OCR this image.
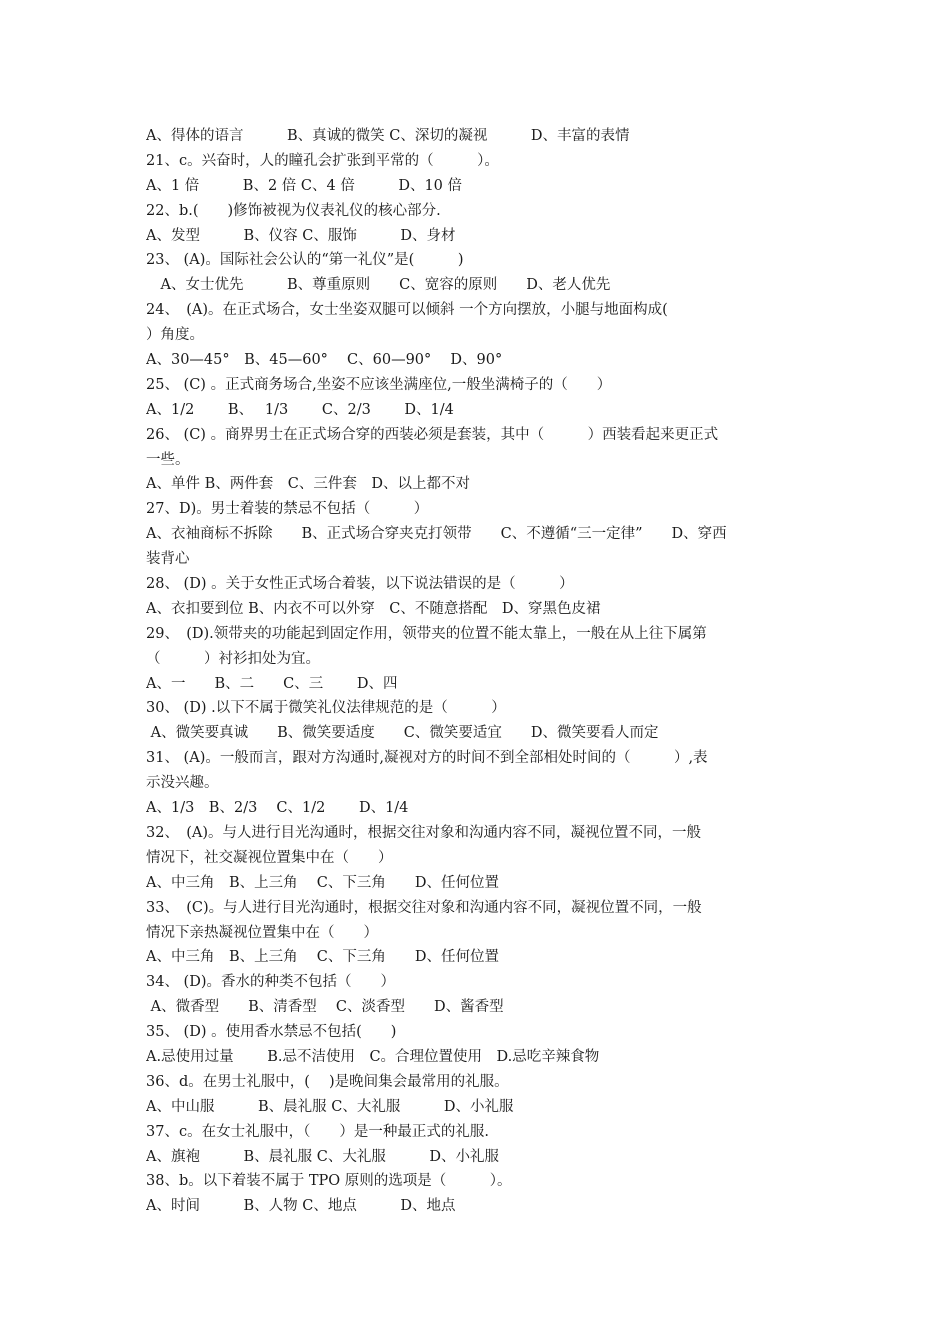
A、得体的语言　　　B、真诚的微笑 C、深切的凝视　　　D、丰富的表情
21、c。兴奋时，人的瞳孔会扩张到平常的（　　　）。
A、1 倍　　　B、2 倍 C、4 倍　　　D、10 倍
22、b.(　　)修饰被视为仪表礼仪的核心部分.
A、发型　　　B、仪容 C、服饰　　　D、身材
23、 (A)。国际社会公认的“第一礼仪”是(　　　)
　A、女士优先　　　B、尊重原则　　C、宽容的原则　　D、老人优先
24、　(A)。在正式场合，女士坐姿双腿可以倾斜 一个方向摆放，小腿与地面构成(
）角度。
A、30—45°　B、45—60°　 C、60—90°　 D、90°
25、 (C) 。正式商务场合,坐姿不应该坐满座位,一般坐满椅子的（　　）
A、1/2　　 B、　 1/3　　 C、2/3　　 D、1/4
26、 (C) 。商界男士在正式场合穿的西装必须是套装，其中（　　　）西装看起来更正式
一些。
A、单件 B、两件套　C、三件套　D、以上都不对
27、D)。男士着装的禁忌不包括（　　　）
A、衣袖商标不拆除　　B、正式场合穿夹克打领带　　C、不遵循“三一定律”　　D、穿西
装背心
28、 (D) 。关于女性正式场合着装，以下说法错误的是（　　　）
A、衣扣要到位 B、内衣不可以外穿　C、不随意搭配　D、穿黑色皮裙
29、　(D).领带夹的功能起到固定作用，领带夹的位置不能太靠上，一般在从上往下属第
（　　　）衬衫扣处为宜。
A、一　　B、二　　C、三　　 D、四
30、 (D) .以下不属于微笑礼仪法律规范的是（　　　）
A、微笑要真诚　　B、微笑要适度　　C、微笑要适宜　　D、微笑要看人而定
31、 (A)。一般而言，跟对方沟通时,凝视对方的时间不到全部相处时间的（　　　）,表
示没兴趣。
A、1/3　B、2/3　 C、1/2　　 D、1/4
32、　(A)。与人进行目光沟通时，根据交往对象和沟通内容不同，凝视位置不同，一般
情况下，社交凝视位置集中在（　　）
A、中三角　B、上三角　 C、下三角　　D、任何位置
33、　(C)。与人进行目光沟通时，根据交往对象和沟通内容不同，凝视位置不同，一般
情况下亲热凝视位置集中在（　　）
A、中三角　B、上三角　 C、下三角　　D、任何位置
34、 (D)。香水的种类不包括（　　）
A、微香型　　B、清香型　 C、淡香型　　D、酱香型
35、 (D) 。使用香水禁忌不包括(　　)
A.忌使用过量　　 B.忌不洁使用　C。合理位置使用　D.忌吃辛辣食物
36、d。在男士礼服中，(　 )是晚间集会最常用的礼服。
A、中山服　　　B、晨礼服 C、大礼服　　　D、小礼服
37、c。在女士礼服中，（　　）是一种最正式的礼服.
A、旗袍　　　B、晨礼服 C、大礼服　　　D、小礼服
38、b。以下着装不属于 TPO 原则的选项是（　　　）。
A、时间　　　B、人物 C、地点　　　D、地点
